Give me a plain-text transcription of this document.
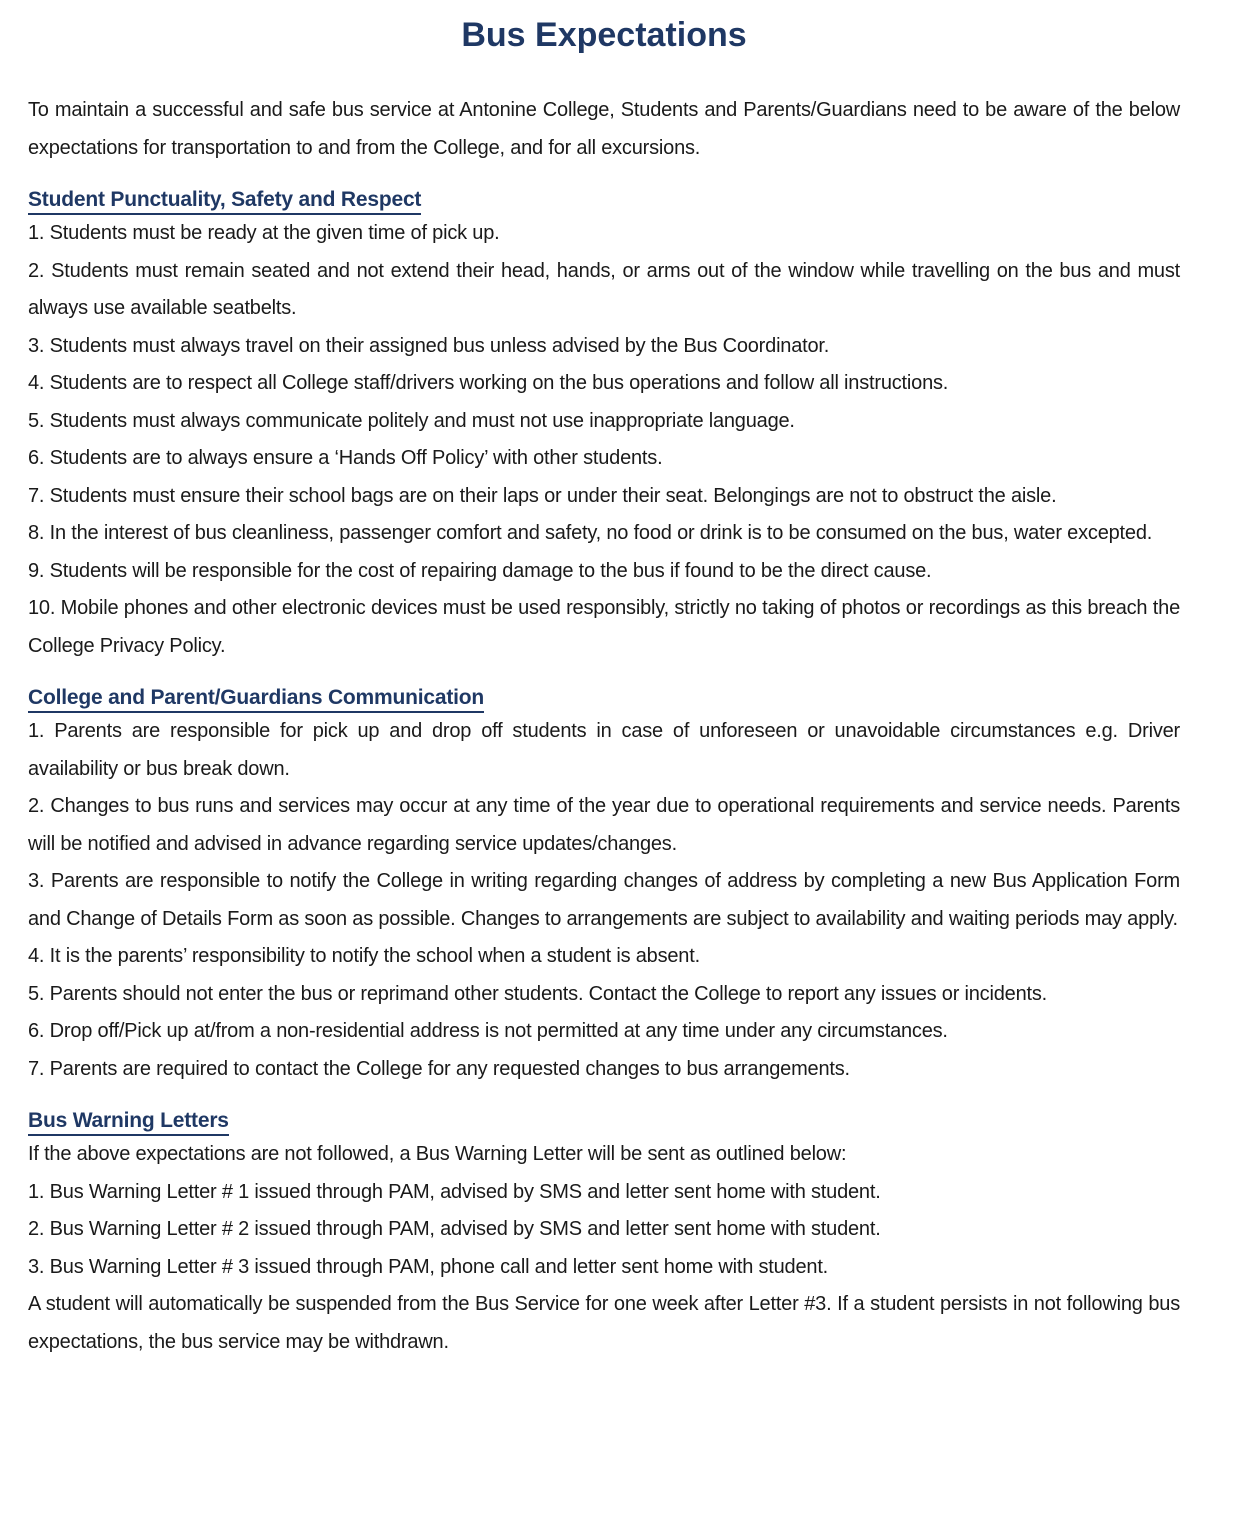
Bus Expectations

To maintain a successful and safe bus service at Antonine College, Students and Parents/Guardians need to be aware of the below expectations for transportation to and from the College, and for all excursions.

Student Punctuality, Safety and Respect

1. Students must be ready at the given time of pick up.

2. Students must remain seated and not extend their head, hands, or arms out of the window while travelling on the bus and must always use available seatbelts.

3. Students must always travel on their assigned bus unless advised by the Bus Coordinator.

4. Students are to respect all College staff/drivers working on the bus operations and follow all instructions.

5. Students must always communicate politely and must not use inappropriate language.

6. Students are to always ensure a ‘Hands Off Policy’ with other students.

7. Students must ensure their school bags are on their laps or under their seat. Belongings are not to obstruct the aisle.

8. In the interest of bus cleanliness, passenger comfort and safety, no food or drink is to be consumed on the bus, water excepted.

9. Students will be responsible for the cost of repairing damage to the bus if found to be the direct cause.

10. Mobile phones and other electronic devices must be used responsibly, strictly no taking of photos or recordings as this breach the College Privacy Policy.

College and Parent/Guardians Communication

1. Parents are responsible for pick up and drop off students in case of unforeseen or unavoidable circumstances e.g. Driver availability or bus break down.

2. Changes to bus runs and services may occur at any time of the year due to operational requirements and service needs. Parents will be notified and advised in advance regarding service updates/changes.

3. Parents are responsible to notify the College in writing regarding changes of address by completing a new Bus Application Form and Change of Details Form as soon as possible. Changes to arrangements are subject to availability and waiting periods may apply.

4. It is the parents’ responsibility to notify the school when a student is absent.

5. Parents should not enter the bus or reprimand other students. Contact the College to report any issues or incidents.

6. Drop off/Pick up at/from a non-residential address is not permitted at any time under any circumstances.

7. Parents are required to contact the College for any requested changes to bus arrangements.

Bus Warning Letters

If the above expectations are not followed, a Bus Warning Letter will be sent as outlined below:

1. Bus Warning Letter # 1 issued through PAM, advised by SMS and letter sent home with student.

2. Bus Warning Letter # 2 issued through PAM, advised by SMS and letter sent home with student.

3. Bus Warning Letter # 3 issued through PAM, phone call and letter sent home with student.

A student will automatically be suspended from the Bus Service for one week after Letter #3. If a student persists in not following bus expectations, the bus service may be withdrawn.
